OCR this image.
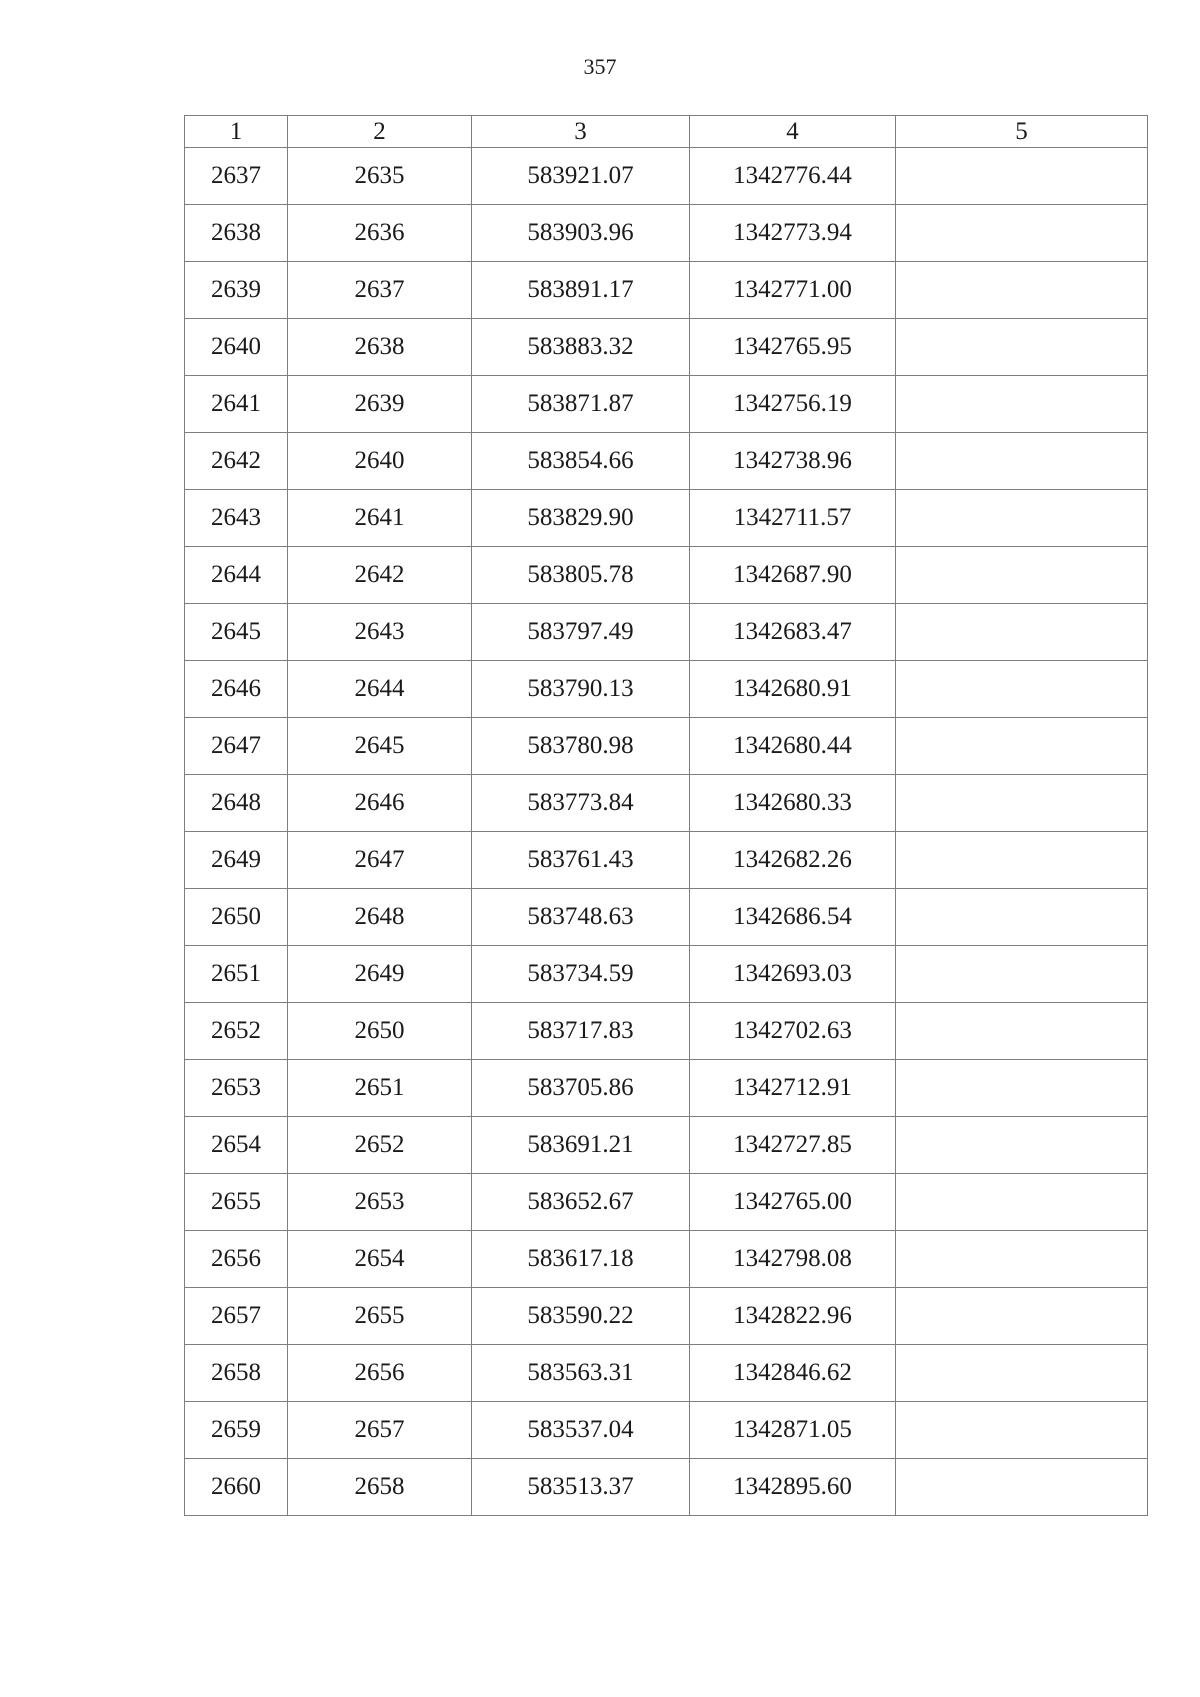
357
1	2	3	4	5
2637	2635	583921.07	1342776.44	
2638	2636	583903.96	1342773.94	
2639	2637	583891.17	1342771.00	
2640	2638	583883.32	1342765.95	
2641	2639	583871.87	1342756.19	
2642	2640	583854.66	1342738.96	
2643	2641	583829.90	1342711.57	
2644	2642	583805.78	1342687.90	
2645	2643	583797.49	1342683.47	
2646	2644	583790.13	1342680.91	
2647	2645	583780.98	1342680.44	
2648	2646	583773.84	1342680.33	
2649	2647	583761.43	1342682.26	
2650	2648	583748.63	1342686.54	
2651	2649	583734.59	1342693.03	
2652	2650	583717.83	1342702.63	
2653	2651	583705.86	1342712.91	
2654	2652	583691.21	1342727.85	
2655	2653	583652.67	1342765.00	
2656	2654	583617.18	1342798.08	
2657	2655	583590.22	1342822.96	
2658	2656	583563.31	1342846.62	
2659	2657	583537.04	1342871.05	
2660	2658	583513.37	1342895.60	
